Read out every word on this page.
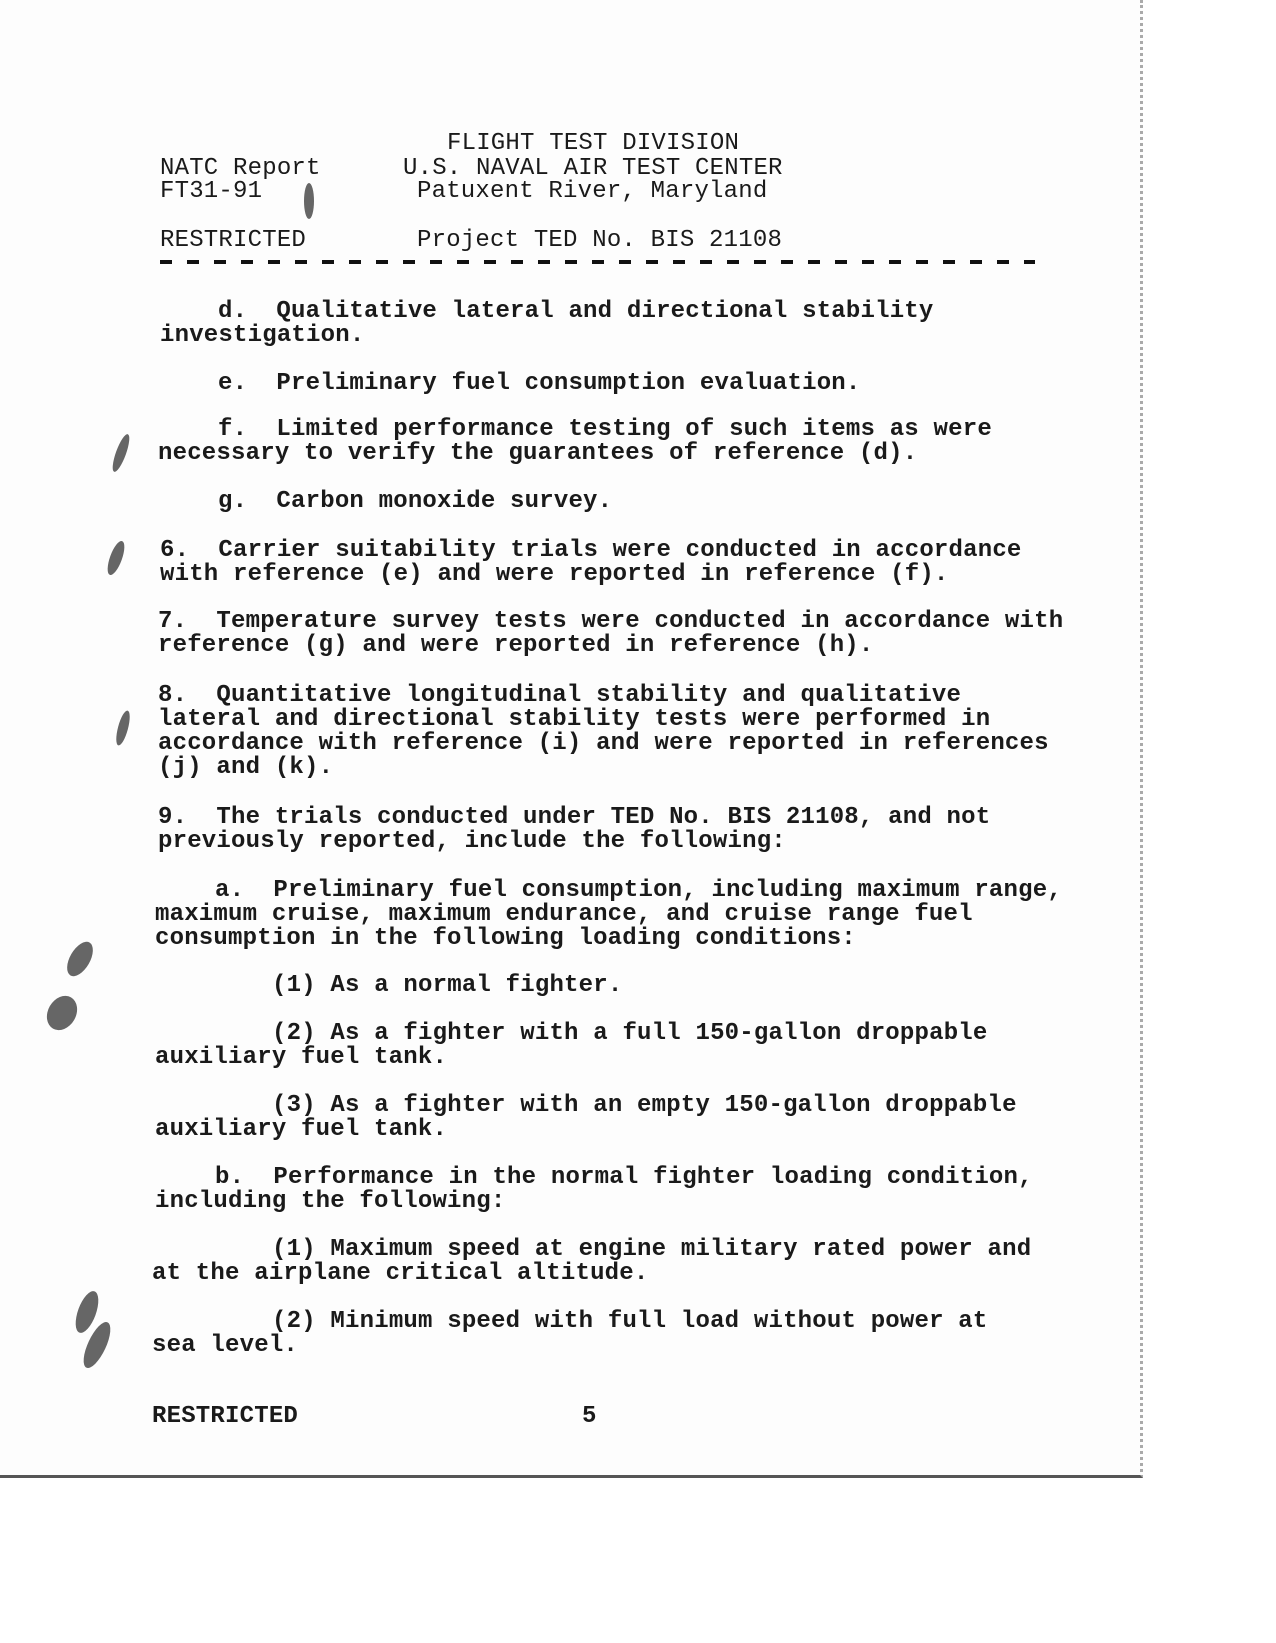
FLIGHT TEST DIVISION
NATC Report	U.S. NAVAL AIR TEST CENTER
FT31-91	Patuxent River, Maryland
RESTRICTED	Project TED No. BIS 21108
d.  Qualitative lateral and directional stability
investigation.
e.  Preliminary fuel consumption evaluation.
f.  Limited performance testing of such items as were
necessary to verify the guarantees of reference (d).
g.  Carbon monoxide survey.
6.  Carrier suitability trials were conducted in accordance
with reference (e) and were reported in reference (f).
7.  Temperature survey tests were conducted in accordance with
reference (g) and were reported in reference (h).
8.  Quantitative longitudinal stability and qualitative
lateral and directional stability tests were performed in
accordance with reference (i) and were reported in references
(j) and (k).
9.  The trials conducted under TED No. BIS 21108, and not
previously reported, include the following:
a.  Preliminary fuel consumption, including maximum range,
maximum cruise, maximum endurance, and cruise range fuel
consumption in the following loading conditions:
(1) As a normal fighter.
(2) As a fighter with a full 150-gallon droppable
auxiliary fuel tank.
(3) As a fighter with an empty 150-gallon droppable
auxiliary fuel tank.
b.  Performance in the normal fighter loading condition,
including the following:
(1) Maximum speed at engine military rated power and
at the airplane critical altitude.
(2) Minimum speed with full load without power at
sea level.
RESTRICTED	5
